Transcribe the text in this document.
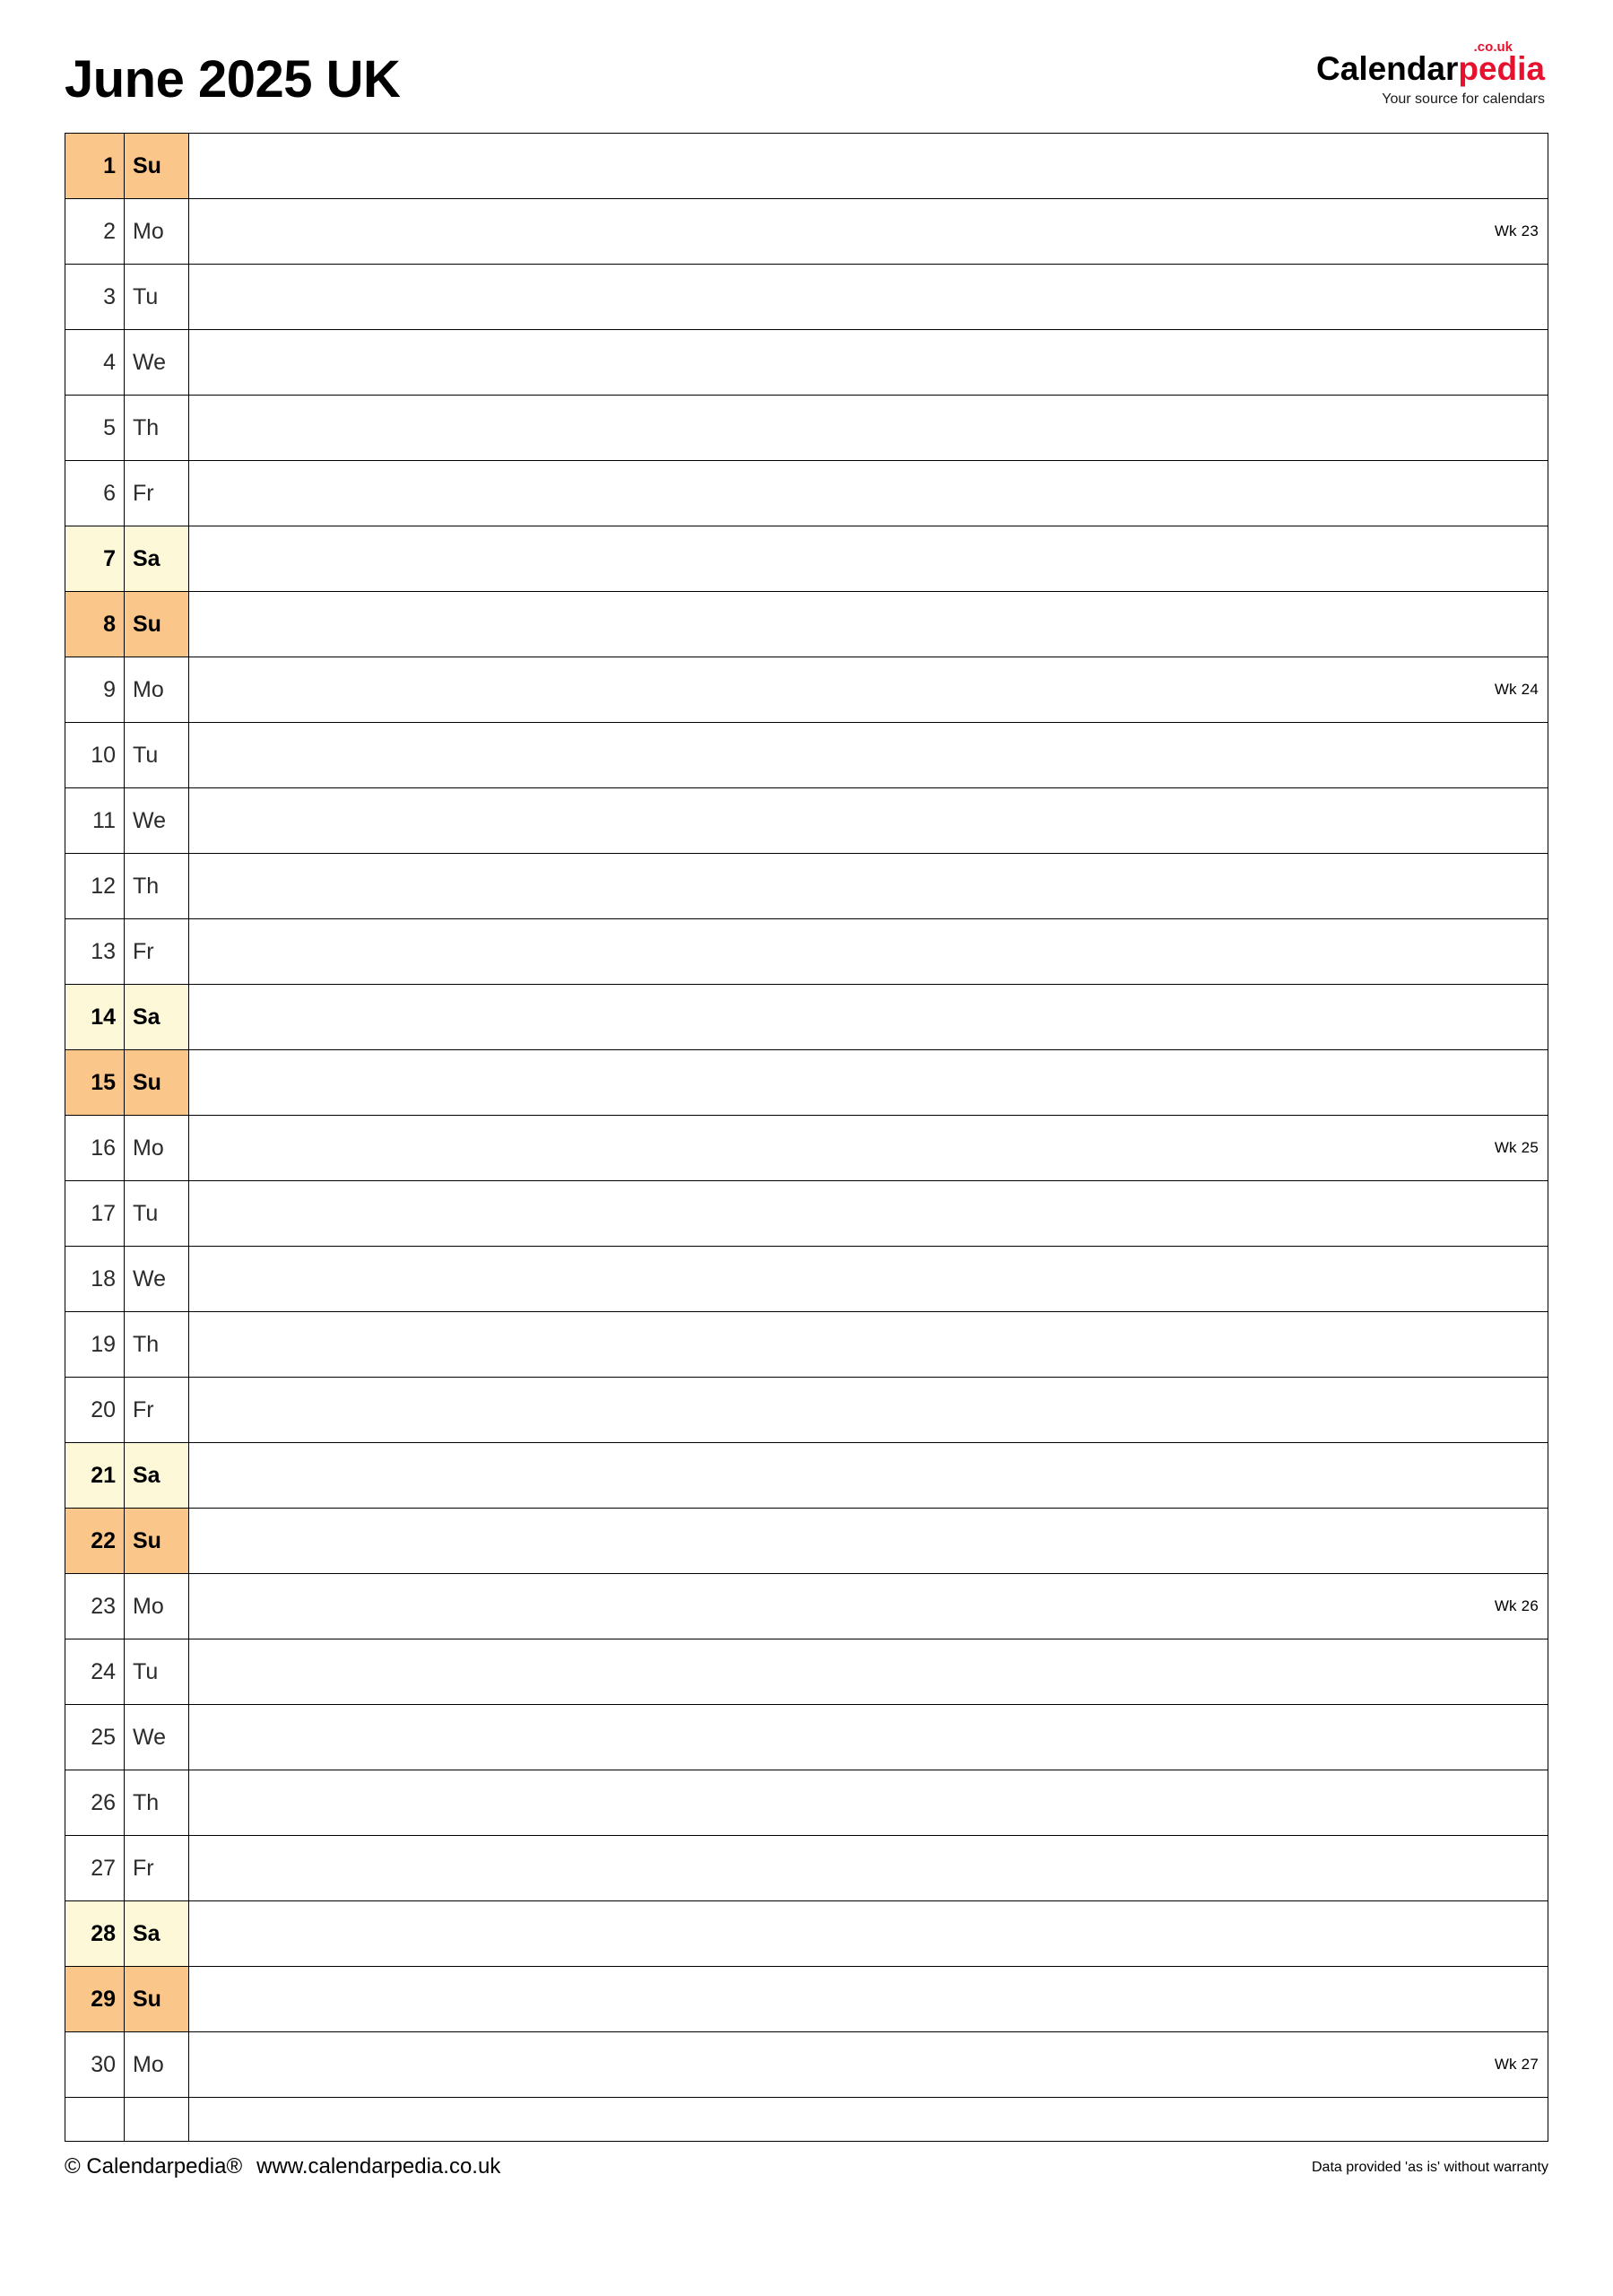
June 2025 UK
.co.uk
Calendarpedia
Your source for calendars
1	Su	

2	Mo	Wk 23

3	Tu	

4	We	

5	Th	

6	Fr	

7	Sa	

8	Su	

9	Mo	Wk 24

10	Tu	

11	We	

12	Th	

13	Fr	

14	Sa	

15	Su	

16	Mo	Wk 25

17	Tu	

18	We	

19	Th	

20	Fr	

21	Sa	

22	Su	

23	Mo	Wk 26

24	Tu	

25	We	

26	Th	

27	Fr	

28	Sa	

29	Su	

30	Mo	Wk 27

© Calendarpedia® www.calendarpedia.co.uk	Data provided 'as is' without warranty
